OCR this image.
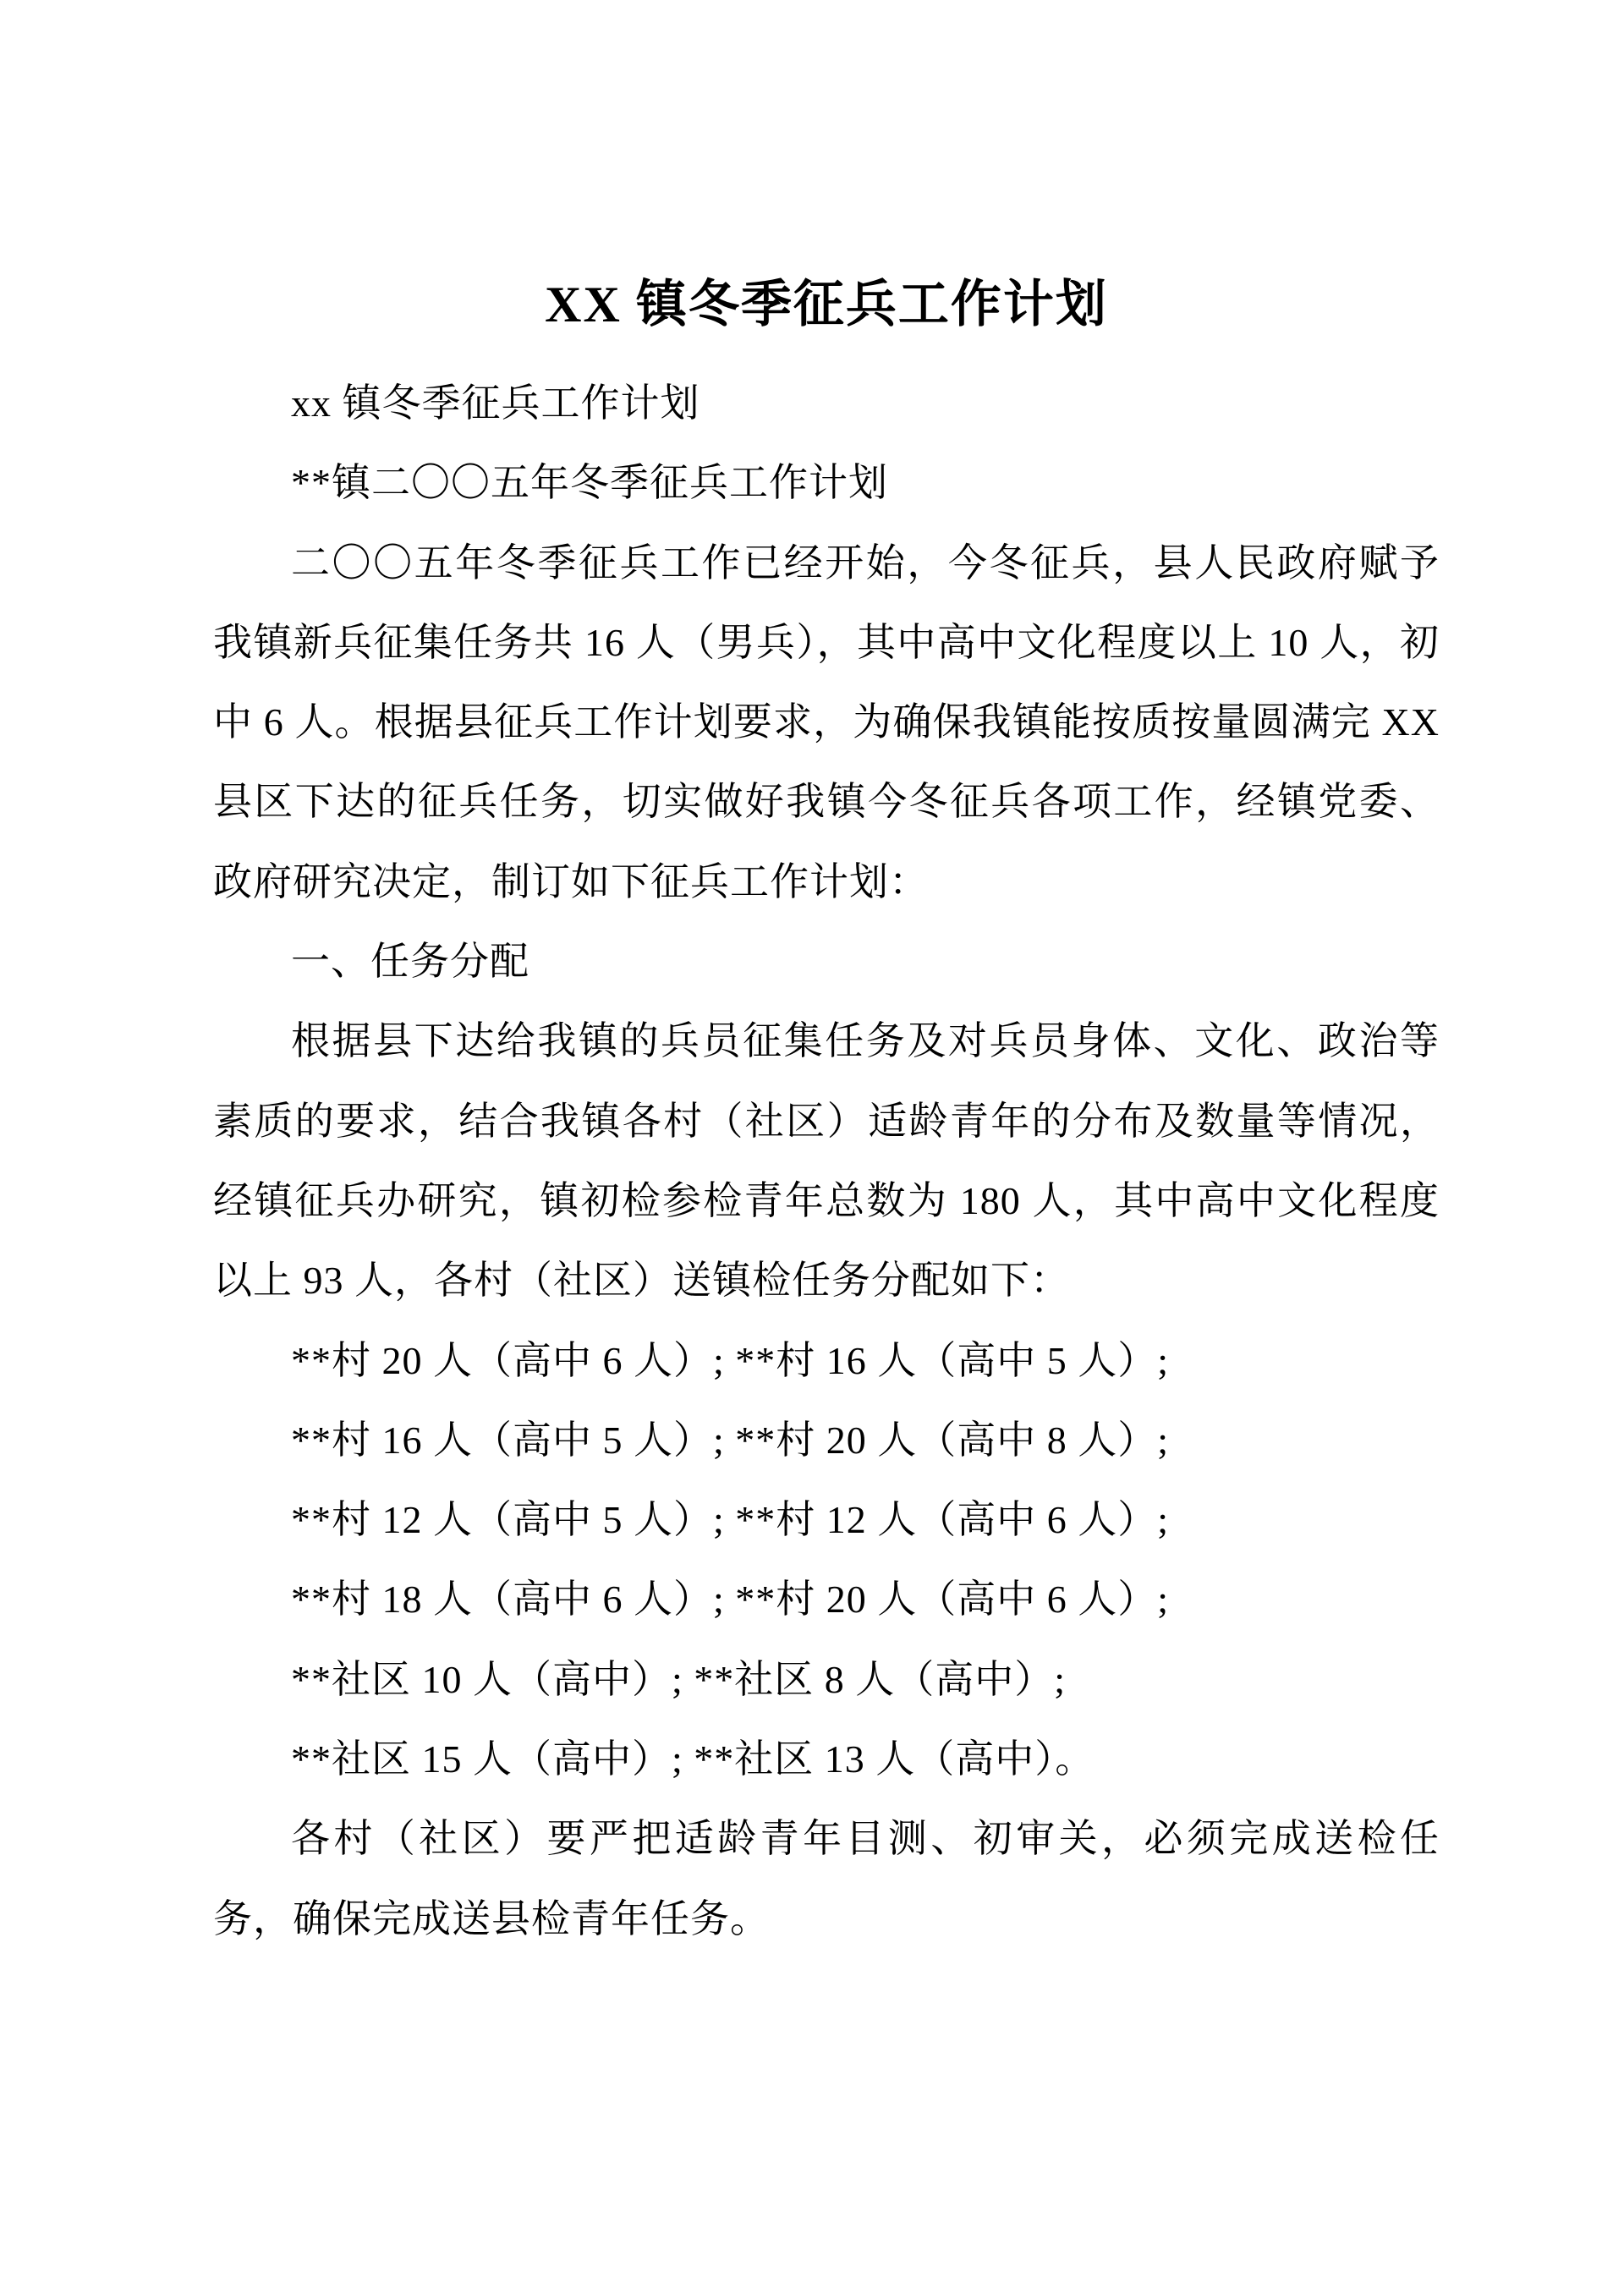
XX 镇冬季征兵工作计划

xx 镇冬季征兵工作计划

**镇二〇〇五年冬季征兵工作计划

二〇〇五年冬季征兵工作已经开始，今冬征兵，县人民政府赋予我镇新兵征集任务共 16 人（男兵），其中高中文化程度以上 10 人，初中 6 人。根据县征兵工作计划要求，为确保我镇能按质按量圆满完 XX 县区下达的征兵任务，切实做好我镇今冬征兵各项工作，经镇党委、政府研究决定，制订如下征兵工作计划：

一、任务分配

根据县下达给我镇的兵员征集任务及对兵员身体、文化、政治等素质的要求，结合我镇各村（社区）适龄青年的分布及数量等情况，经镇征兵办研究，镇初检参检青年总数为 180 人，其中高中文化程度以上 93 人，各村（社区）送镇检任务分配如下：

**村 20 人（高中 6 人）; **村 16 人（高中 5 人）;

**村 16 人（高中 5 人）; **村 20 人（高中 8 人）;

**村 12 人（高中 5 人）; **村 12 人（高中 6 人）;

**村 18 人（高中 6 人）; **村 20 人（高中 6 人）;

**社区 10 人（高中）; **社区 8 人（高中）;

**社区 15 人（高中）; **社区 13 人（高中）。

各村（社区）要严把适龄青年目测、初审关，必须完成送检任务，确保完成送县检青年任务。
